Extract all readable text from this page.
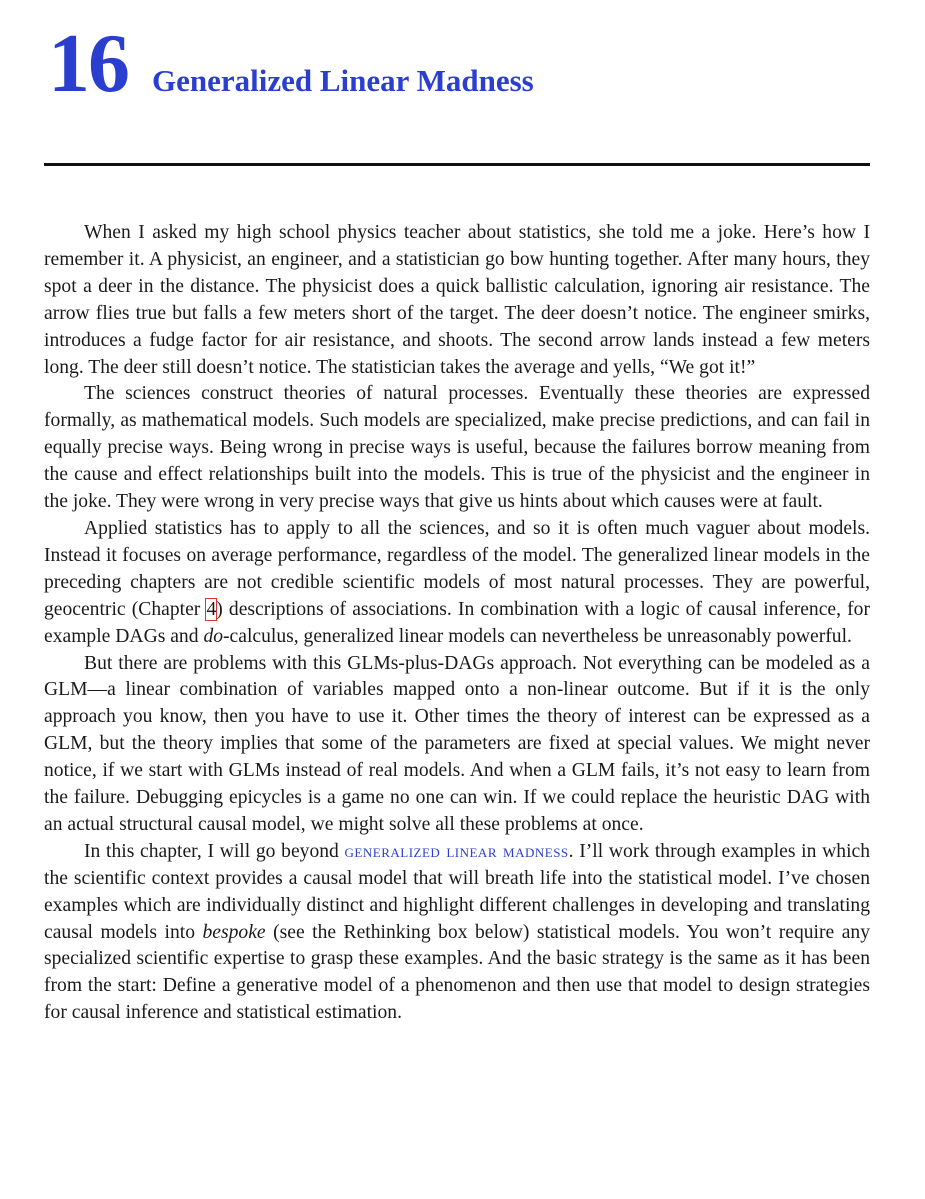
16 Generalized Linear Madness

When I asked my high school physics teacher about statistics, she told me a joke. Here’s how I remember it. A physicist, an engineer, and a statistician go bow hunting together. After many hours, they spot a deer in the distance. The physicist does a quick ballistic calculation, ignoring air resistance. The arrow flies true but falls a few meters short of the target. The deer doesn’t notice. The engineer smirks, introduces a fudge factor for air resistance, and shoots. The second arrow lands instead a few meters long. The deer still doesn’t notice. The statistician takes the average and yells, “We got it!”

The sciences construct theories of natural processes. Eventually these theories are expressed formally, as mathematical models. Such models are specialized, make precise predictions, and can fail in equally precise ways. Being wrong in precise ways is useful, because the failures borrow meaning from the cause and effect relationships built into the models. This is true of the physicist and the engineer in the joke. They were wrong in very precise ways that give us hints about which causes were at fault.

Applied statistics has to apply to all the sciences, and so it is often much vaguer about models. Instead it focuses on average performance, regardless of the model. The generalized linear models in the preceding chapters are not credible scientific models of most natural processes. They are powerful, geocentric (Chapter 4) descriptions of associations. In combination with a logic of causal inference, for example DAGs and do-calculus, generalized linear models can nevertheless be unreasonably powerful.

But there are problems with this GLMs-plus-DAGs approach. Not everything can be modeled as a GLM—a linear combination of variables mapped onto a non-linear outcome. But if it is the only approach you know, then you have to use it. Other times the theory of interest can be expressed as a GLM, but the theory implies that some of the parameters are fixed at special values. We might never notice, if we start with GLMs instead of real models. And when a GLM fails, it’s not easy to learn from the failure. Debugging epicycles is a game no one can win. If we could replace the heuristic DAG with an actual structural causal model, we might solve all these problems at once.

In this chapter, I will go beyond generalized linear madness. I’ll work through examples in which the scientific context provides a causal model that will breath life into the statistical model. I’ve chosen examples which are individually distinct and highlight different challenges in developing and translating causal models into bespoke (see the Rethinking box below) statistical models. You won’t require any specialized scientific expertise to grasp these examples. And the basic strategy is the same as it has been from the start: Define a generative model of a phenomenon and then use that model to design strategies for causal inference and statistical estimation.
